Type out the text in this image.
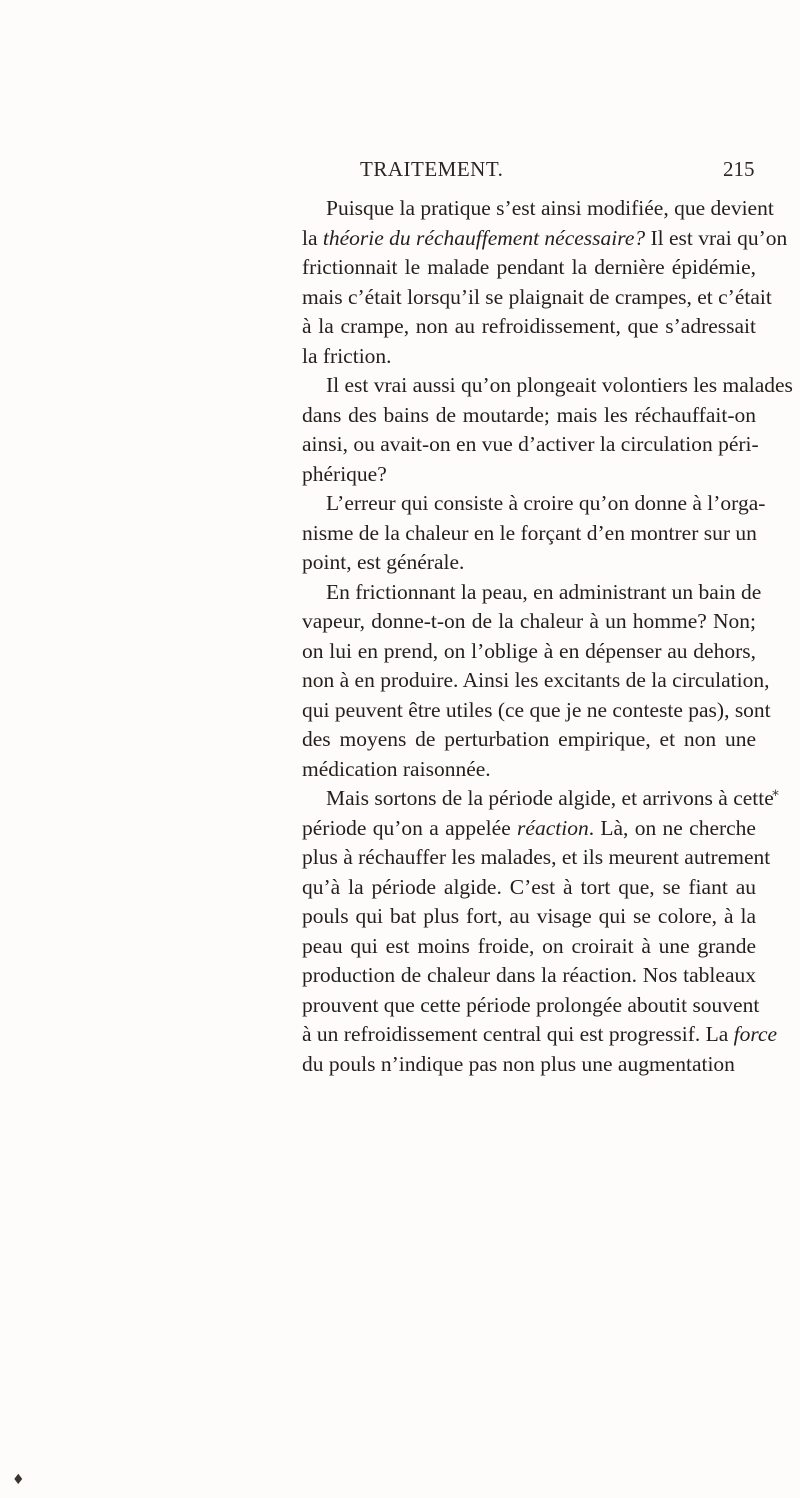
TRAITEMENT.	215
Puisque la pratique s’est ainsi modifiée, que devient
la théorie du réchauffement nécessaire? Il est vrai qu’on
frictionnait le malade pendant la dernière épidémie,
mais c’était lorsqu’il se plaignait de crampes, et c’était
à la crampe, non au refroidissement, que s’adressait
la friction.
Il est vrai aussi qu’on plongeait volontiers les malades
dans des bains de moutarde; mais les réchauffait-on
ainsi, ou avait-on en vue d’activer la circulation péri-
phérique?
L’erreur qui consiste à croire qu’on donne à l’orga-
nisme de la chaleur en le forçant d’en montrer sur un
point, est générale.
En frictionnant la peau, en administrant un bain de
vapeur, donne-t-on de la chaleur à un homme? Non;
on lui en prend, on l’oblige à en dépenser au dehors,
non à en produire. Ainsi les excitants de la circulation,
qui peuvent être utiles (ce que je ne conteste pas), sont
des moyens de perturbation empirique, et non une
médication raisonnée.
Mais sortons de la période algide, et arrivons à cette
période qu’on a appelée réaction. Là, on ne cherche
plus à réchauffer les malades, et ils meurent autrement
qu’à la période algide. C’est à tort que, se fiant au
pouls qui bat plus fort, au visage qui se colore, à la
peau qui est moins froide, on croirait à une grande
production de chaleur dans la réaction. Nos tableaux
prouvent que cette période prolongée aboutit souvent
à un refroidissement central qui est progressif. La force
du pouls n’indique pas non plus une augmentation
*
♦
